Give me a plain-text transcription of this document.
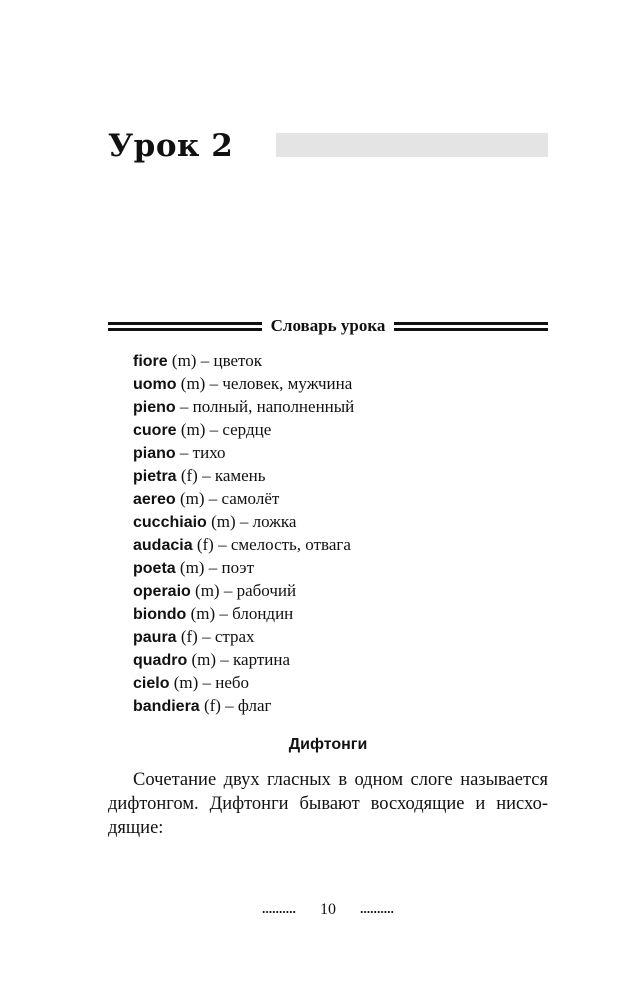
Урок 2
Словарь урока
fiore (m) – цветок
uomo (m) – человек, мужчина
pieno – полный, наполненный
cuore (m) – сердце
piano – тихо
pietra (f) – камень
aereo (m) – самолёт
cucchiaio (m) – ложка
audacia (f) – смелость, отвага
poeta (m) – поэт
operaio (m) – рабочий
biondo (m) – блондин
paura (f) – страх
quadro (m) – картина
cielo (m) – небо
bandiera (f) – флаг
Дифтонги

Сочетание двух гласных в одном слоге называется дифтонгом. Дифтонги бывают восходящие и нисходящие:

10
